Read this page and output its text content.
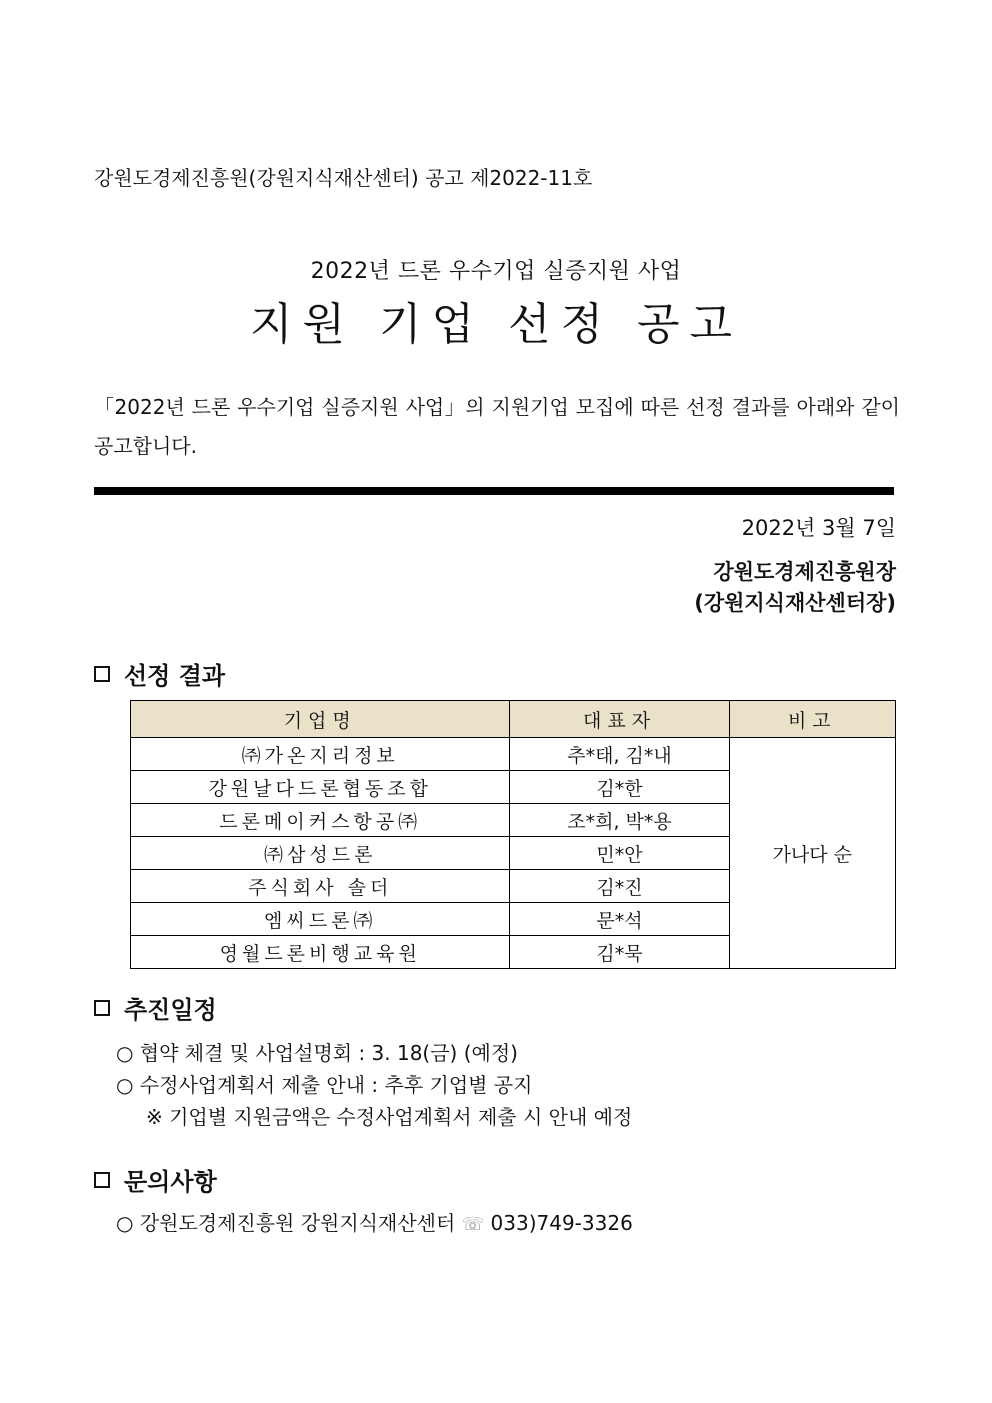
강원도경제진흥원(강원지식재산센터) 공고 제2022-11호
2022년 드론 우수기업 실증지원 사업
지원 기업 선정 공고
「2022년 드론 우수기업 실증지원 사업」의 지원기업 모집에 따른 선정 결과를 아래와 같이 공고합니다.
2022년 3월 7일
강원도경제진흥원장
(강원지식재산센터장)
선정 결과
기업명	대표자	비고
㈜가온지리정보	추*태, 김*내	가나다 순
강원날다드론협동조합	김*한	
드론메이커스항공㈜	조*희, 박*용	
㈜삼성드론	민*안	
주식회사 솔더	김*진	
엠씨드론㈜	문*석	
영월드론비행교육원	김*묵	
추진일정
○ 협약 체결 및 사업설명회 : 3. 18(금) (예정)
○ 수정사업계획서 제출 안내 : 추후 기업별 공지
※ 기업별 지원금액은 수정사업계획서 제출 시 안내 예정
문의사항
○ 강원도경제진흥원 강원지식재산센터 ☏ 033)749-3326
